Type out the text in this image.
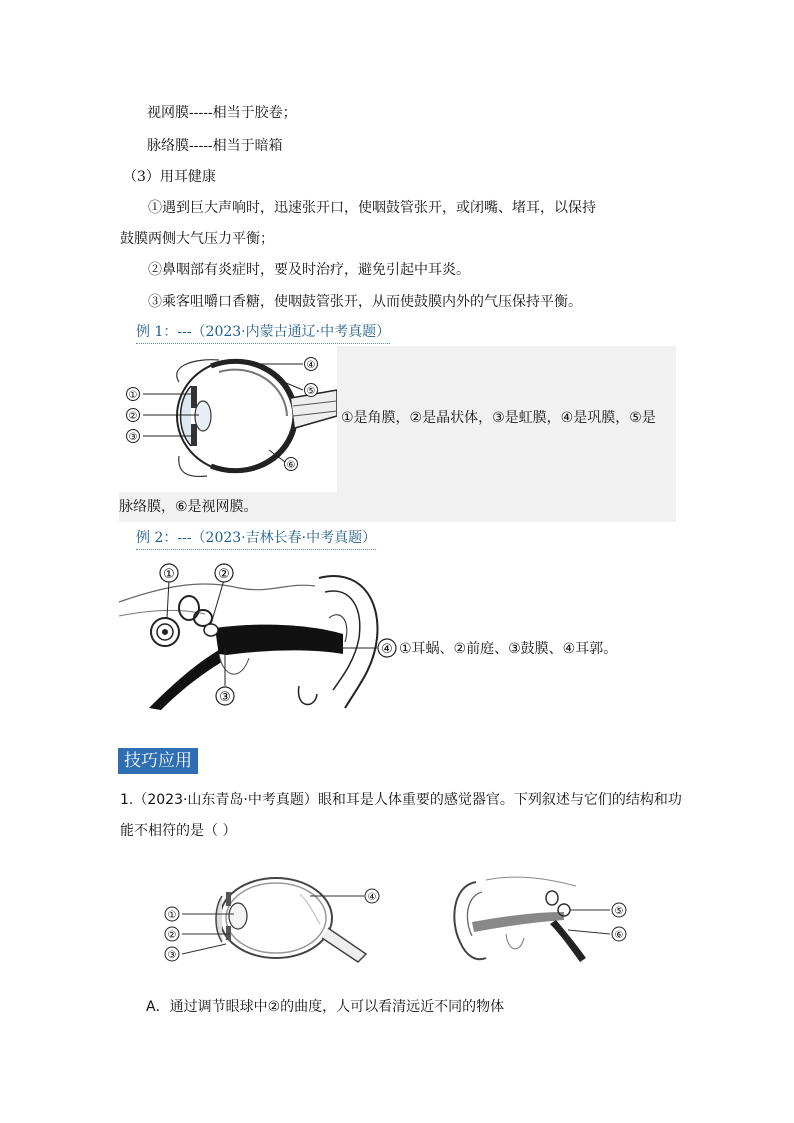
视网膜-----相当于胶卷；
脉络膜-----相当于暗箱
（3）用耳健康
①遇到巨大声响时，迅速张开口，使咽鼓管张开，或闭嘴、堵耳，以保持
鼓膜两侧大气压力平衡；
②鼻咽部有炎症时，要及时治疗，避免引起中耳炎。
③乘客咀嚼口香糖，使咽鼓管张开，从而使鼓膜内外的气压保持平衡。
例 1：---（2023·内蒙古通辽·中考真题）
①
②
③
④
⑤
⑥
①是角膜，②是晶状体，③是虹膜，④是巩膜，⑤是
脉络膜，⑥是视网膜。
例 2：---（2023·吉林长春·中考真题）
①	②
③
④ ①耳蜗、②前庭、③鼓膜、④耳郭。
技巧应用
1.（2023·山东青岛·中考真题）眼和耳是人体重要的感觉器官。下列叙述与它们的结构和功
能不相符的是（ ）
①
②
③
④
⑤
⑥
A．通过调节眼球中②的曲度，人可以看清远近不同的物体
